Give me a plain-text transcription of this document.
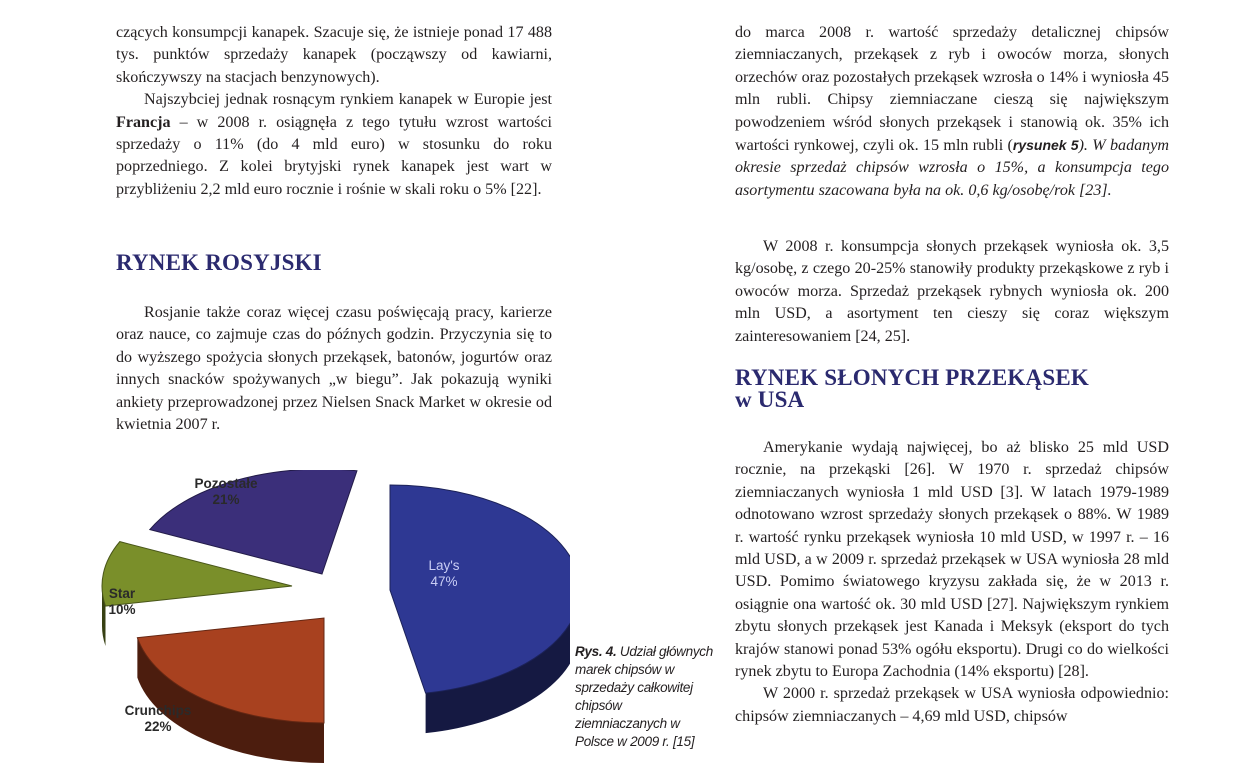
czących konsumpcji kanapek. Szacuje się, że istnieje ponad 17 488 tys. punktów sprzedaży kanapek (począwszy od kawiarni, skończywszy na stacjach benzynowych).

Najszybciej jednak rosnącym rynkiem kanapek w Europie jest Francja – w 2008 r. osiągnęła z tego tytułu wzrost wartości sprzedaży o 11% (do 4 mld euro) w stosunku do roku poprzedniego. Z kolei brytyjski rynek kanapek jest wart w przybliżeniu 2,2 mld euro rocznie i rośnie w skali roku o 5% [22].

RYNEK ROSYJSKI

Rosjanie także coraz więcej czasu poświęcają pracy, karierze oraz nauce, co zajmuje czas do późnych godzin. Przyczynia się to do wyższego spożycia słonych przekąsek, batonów, jogurtów oraz innych snacków spożywanych „w biegu”. Jak pokazują wyniki ankiety przeprowadzonej przez Nielsen Snack Market w okresie od kwietnia 2007 r.

Lay's
47%
Crunchips
22%
Star
10%
Pozostałe
21%
Rys. 4. Udział głównych marek chipsów w sprzedaży całkowitej chipsów ziemniaczanych w Polsce w 2009 r. [15]

do marca 2008 r. wartość sprzedaży detalicznej chipsów ziemniaczanych, przekąsek z ryb i owoców morza, słonych orzechów oraz pozostałych przekąsek wzrosła o 14% i wyniosła 45 mln rubli. Chipsy ziemniaczane cieszą się największym powodzeniem wśród słonych przekąsek i stanowią ok. 35% ich wartości rynkowej, czyli ok. 15 mln rubli (rysunek 5). W badanym okresie sprzedaż chipsów wzrosła o 15%, a konsumpcja tego asortymentu szacowana była na ok. 0,6 kg/osobę/rok [23].

W 2008 r. konsumpcja słonych przekąsek wyniosła ok. 3,5 kg/osobę, z czego 20-25% stanowiły produkty przekąskowe z ryb i owoców morza. Sprzedaż przekąsek rybnych wyniosła ok. 200 mln USD, a asortyment ten cieszy się coraz większym zainteresowaniem [24, 25].

RYNEK SŁONYCH PRZEKĄSEK
w USA

Amerykanie wydają najwięcej, bo aż blisko 25 mld USD rocznie, na przekąski [26]. W 1970 r. sprzedaż chipsów ziemniaczanych wyniosła 1 mld USD [3]. W latach 1979-1989 odnotowano wzrost sprzedaży słonych przekąsek o 88%. W 1989 r. wartość rynku przekąsek wyniosła 10 mld USD, w 1997 r. – 16 mld USD, a w 2009 r. sprzedaż przekąsek w USA wyniosła 28 mld USD. Pomimo światowego kryzysu zakłada się, że w 2013 r. osiągnie ona wartość ok. 30 mld USD [27]. Największym rynkiem zbytu słonych przekąsek jest Kanada i Meksyk (eksport do tych krajów stanowi ponad 53% ogółu eksportu). Drugi co do wielkości rynek zbytu to Europa Zachodnia (14% eksportu) [28].

W 2000 r. sprzedaż przekąsek w USA wyniosła odpowiednio: chipsów ziemniaczanych – 4,69 mld USD, chipsów
